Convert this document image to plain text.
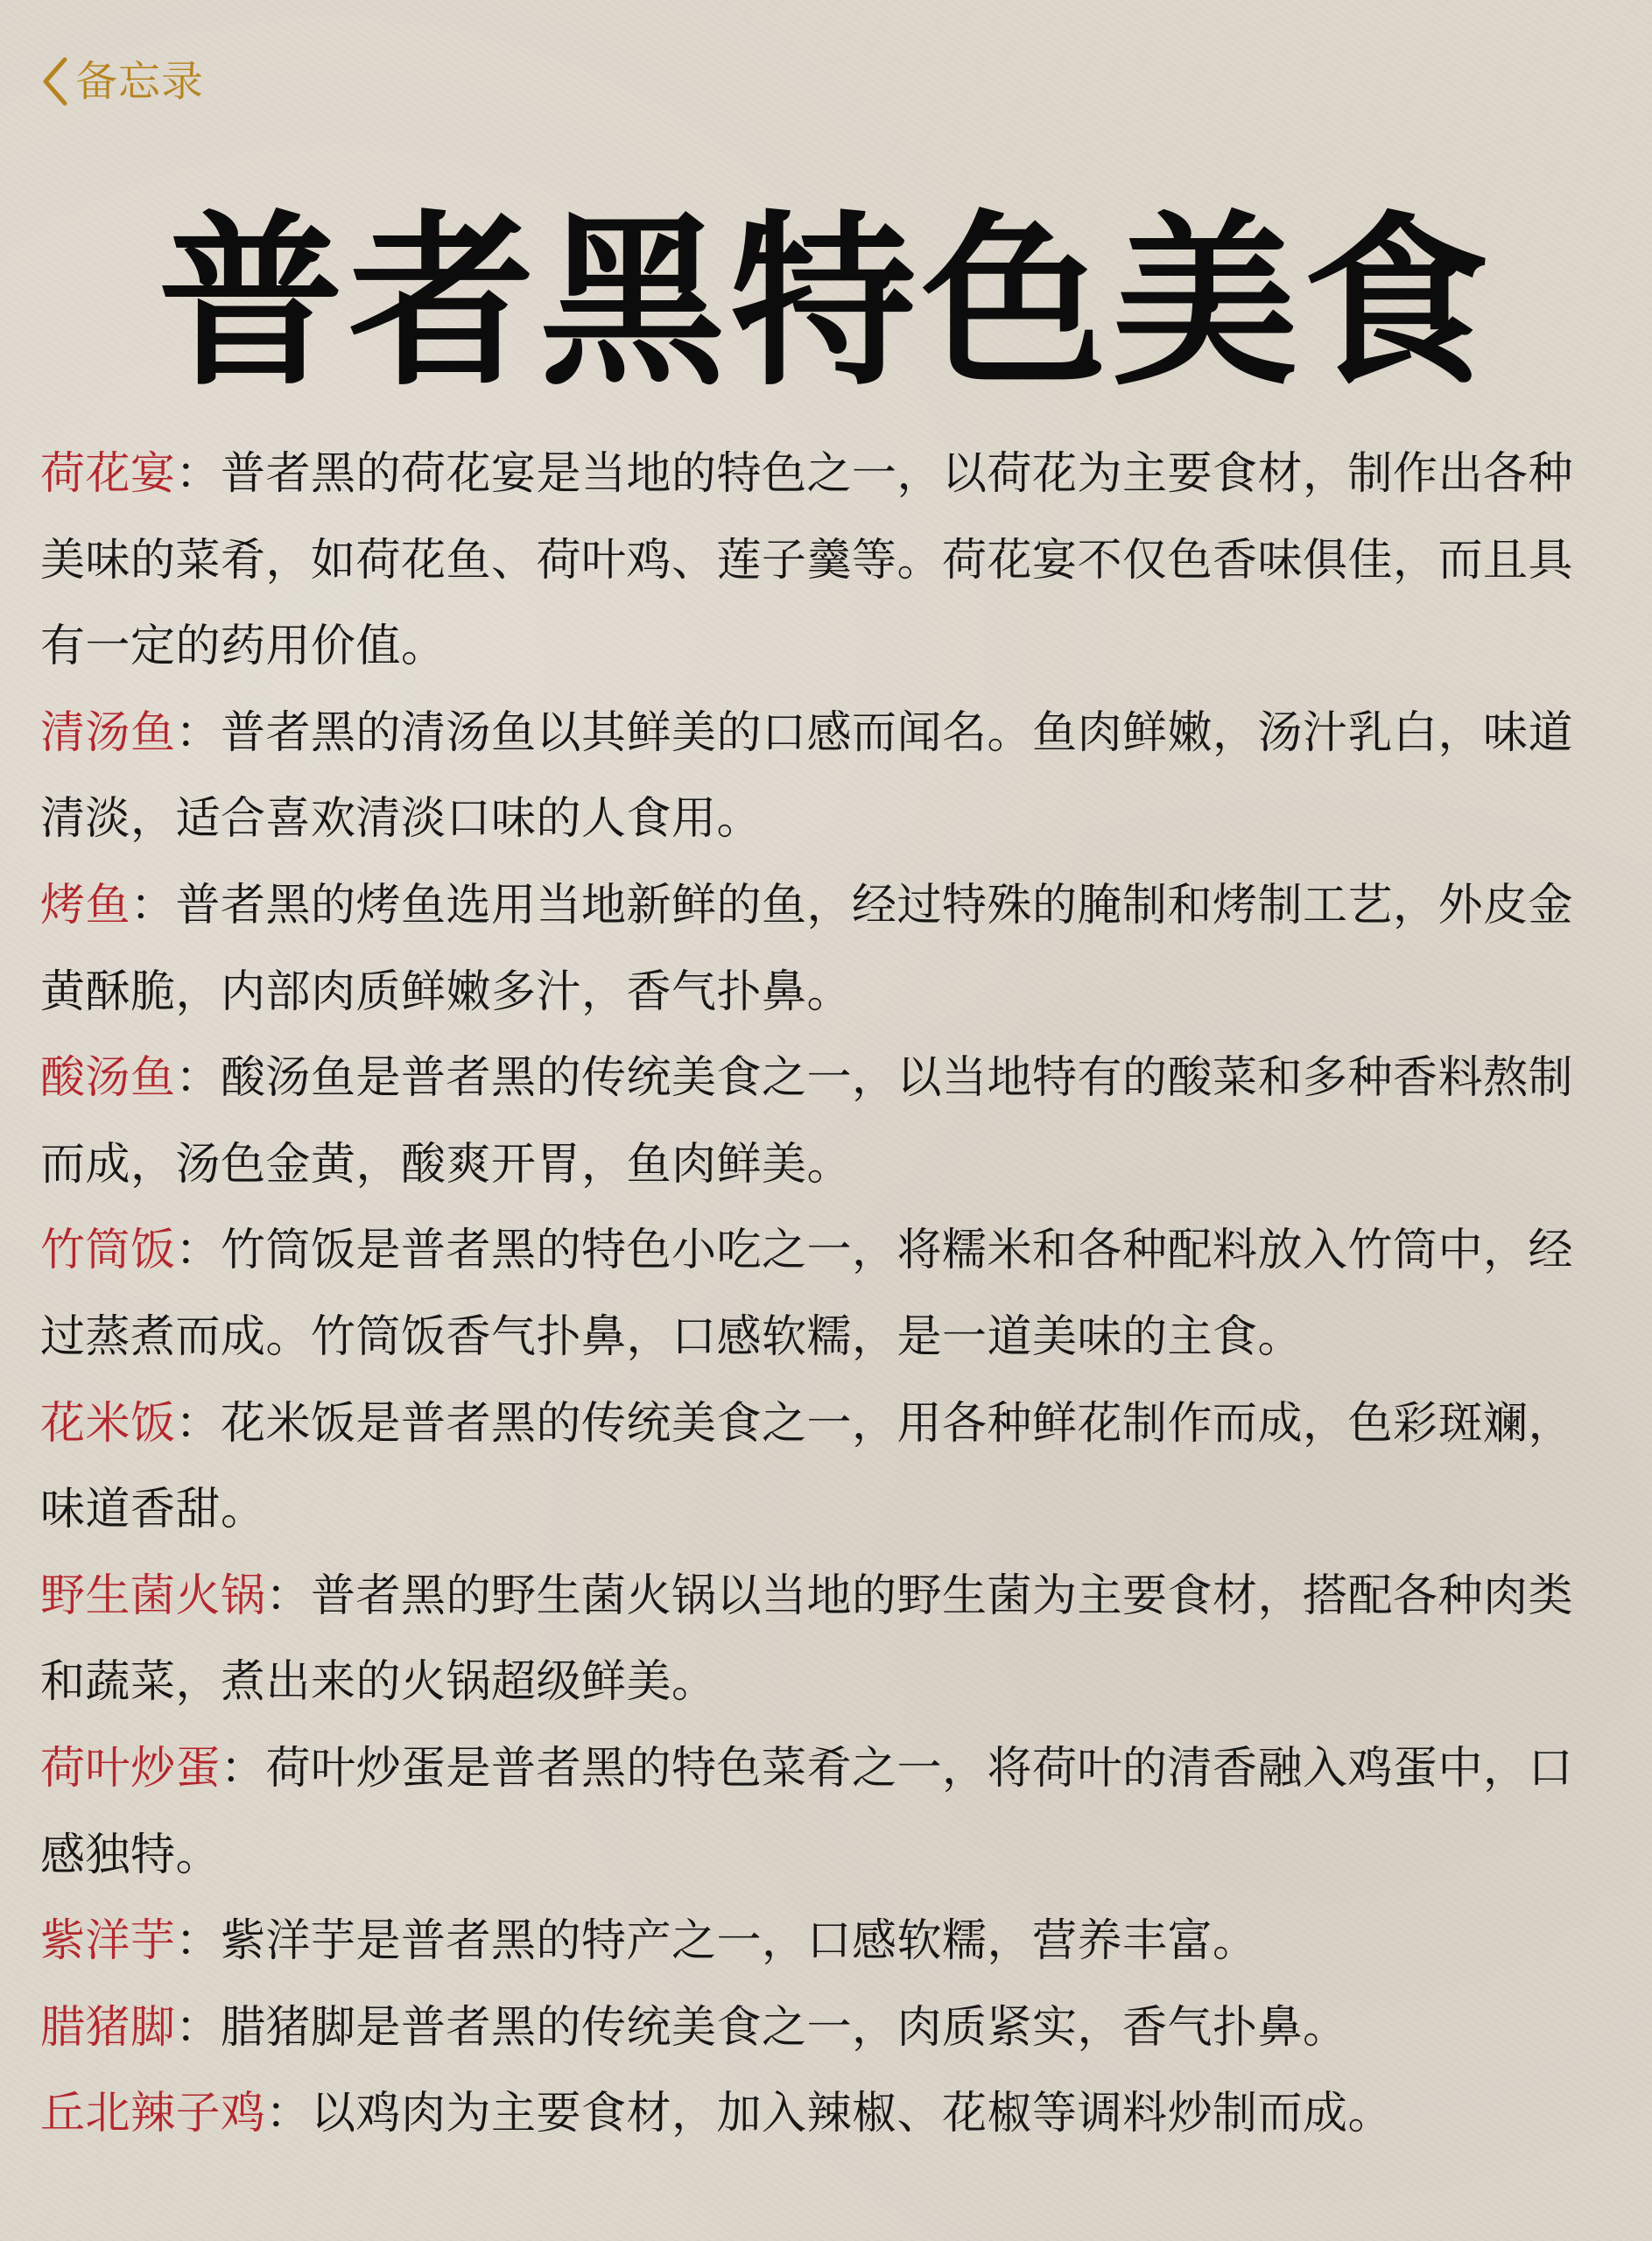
备忘录
普者黑特色美食

荷花宴：普者黑的荷花宴是当地的特色之一，以荷花为主要食材，制作出各种美味的菜肴，如荷花鱼、荷叶鸡、莲子羹等。荷花宴不仅色香味俱佳，而且具有一定的药用价值。

清汤鱼：普者黑的清汤鱼以其鲜美的口感而闻名。鱼肉鲜嫩，汤汁乳白，味道清淡，适合喜欢清淡口味的人食用。

烤鱼：普者黑的烤鱼选用当地新鲜的鱼，经过特殊的腌制和烤制工艺，外皮金黄酥脆，内部肉质鲜嫩多汁，香气扑鼻。

酸汤鱼：酸汤鱼是普者黑的传统美食之一，以当地特有的酸菜和多种香料熬制而成，汤色金黄，酸爽开胃，鱼肉鲜美。

竹筒饭：竹筒饭是普者黑的特色小吃之一，将糯米和各种配料放入竹筒中，经过蒸煮而成。竹筒饭香气扑鼻，口感软糯，是一道美味的主食。

花米饭：花米饭是普者黑的传统美食之一，用各种鲜花制作而成，色彩斑斓，味道香甜。

野生菌火锅：普者黑的野生菌火锅以当地的野生菌为主要食材，搭配各种肉类和蔬菜，煮出来的火锅超级鲜美。

荷叶炒蛋：荷叶炒蛋是普者黑的特色菜肴之一，将荷叶的清香融入鸡蛋中，口感独特。

紫洋芋：紫洋芋是普者黑的特产之一，口感软糯，营养丰富。

腊猪脚：腊猪脚是普者黑的传统美食之一，肉质紧实，香气扑鼻。

丘北辣子鸡：以鸡肉为主要食材，加入辣椒、花椒等调料炒制而成。
